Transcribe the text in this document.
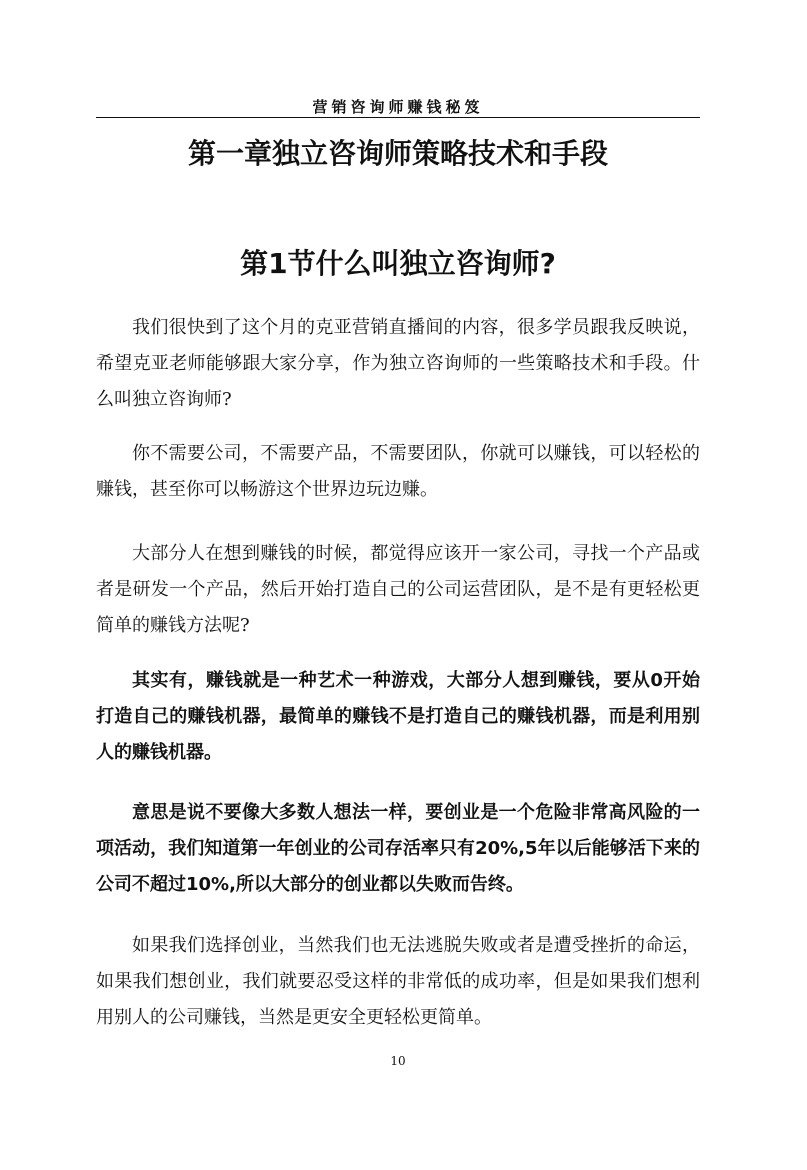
营销咨询师赚钱秘笈
第一章独立咨询师策略技术和手段
第1节什么叫独立咨询师?

我们很快到了这个月的克亚营销直播间的内容，很多学员跟我反映说，希望克亚老师能够跟大家分享，作为独立咨询师的一些策略技术和手段。什么叫独立咨询师?

你不需要公司，不需要产品，不需要团队，你就可以赚钱，可以轻松的赚钱，甚至你可以畅游这个世界边玩边赚。

大部分人在想到赚钱的时候，都觉得应该开一家公司，寻找一个产品或者是研发一个产品，然后开始打造自己的公司运营团队，是不是有更轻松更简单的赚钱方法呢?

其实有，赚钱就是一种艺术一种游戏，大部分人想到赚钱，要从0开始打造自己的赚钱机器，最简单的赚钱不是打造自己的赚钱机器，而是利用别人的赚钱机器。

意思是说不要像大多数人想法一样，要创业是一个危险非常高风险的一项活动，我们知道第一年创业的公司存活率只有20%,5年以后能够活下来的公司不超过10%,所以大部分的创业都以失败而告终。

如果我们选择创业，当然我们也无法逃脱失败或者是遭受挫折的命运，如果我们想创业，我们就要忍受这样的非常低的成功率，但是如果我们想利用别人的公司赚钱，当然是更安全更轻松更简单。

10
